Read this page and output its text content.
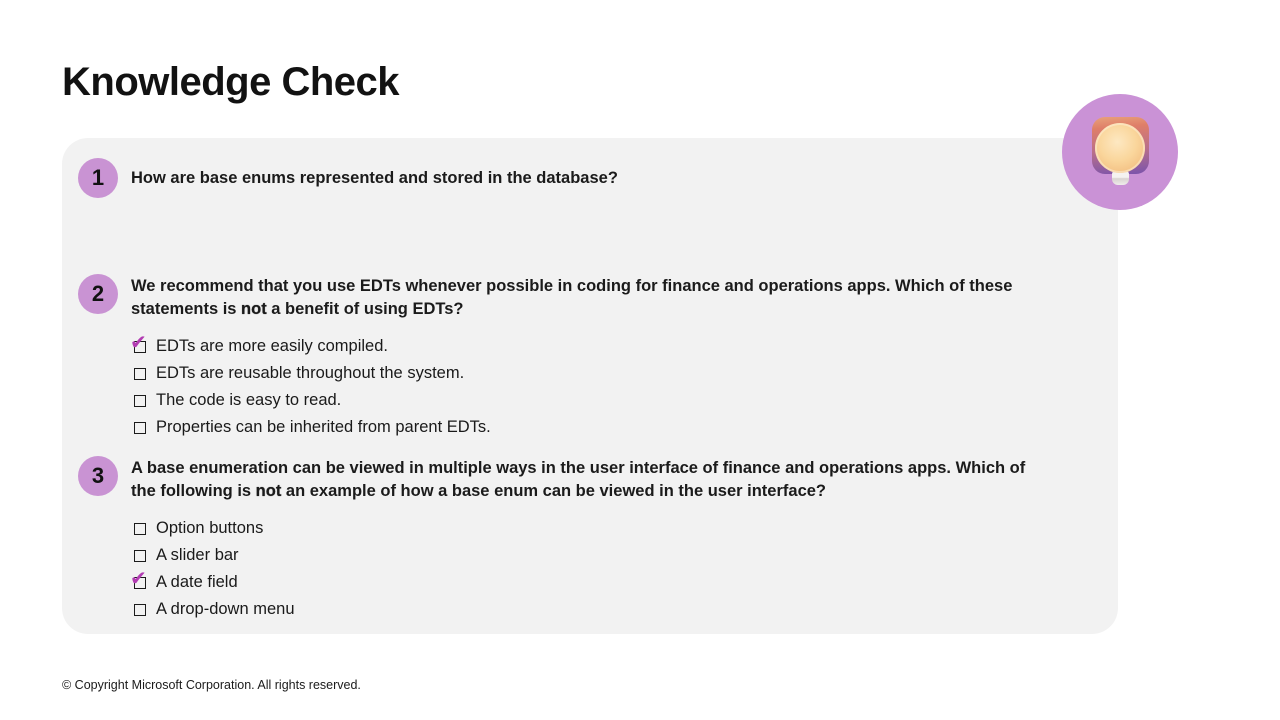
Knowledge Check
1	How are base enums represented and stored in the database?
2	We recommend that you use EDTs whenever possible in coding for finance and operations apps. Which of these statements is not a benefit of using EDTs?
✔ EDTs are more easily compiled.
EDTs are reusable throughout the system.
The code is easy to read.
Properties can be inherited from parent EDTs.
3	A base enumeration can be viewed in multiple ways in the user interface of finance and operations apps. Which of the following is not an example of how a base enum can be viewed in the user interface?
Option buttons
A slider bar
✔ A date field
A drop-down menu
© Copyright Microsoft Corporation. All rights reserved.
